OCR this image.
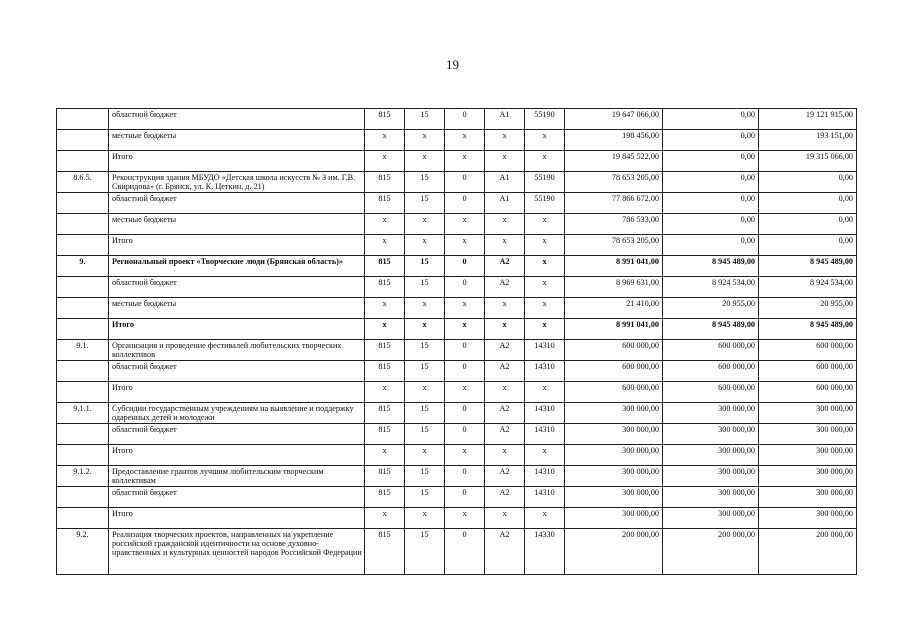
19
	областной бюджет	815	15	0	А1	55190	19 647 066,00	0,00	19 121 915,00
	местные бюджеты	х	х	х	х	х	198 456,00	0,00	193 151,00
	Итого	х	х	х	х	х	19 845 522,00	0,00	19 315 066,00
8.6.5.	Реконструкция здания МБУДО «Детская школа искусств № 3 им. Г.В. Свиридова» (г. Брянск, ул. К. Цеткин, д. 21)	815	15	0	А1	55190	78 653 205,00	0,00	0,00
	областной бюджет	815	15	0	А1	55190	77 866 672,00	0,00	0,00
	местные бюджеты	х	х	х	х	х	786 533,00	0,00	0,00
	Итого	х	х	х	х	х	78 653 205,00	0,00	0,00
9.	Региональный проект «Творческие люди (Брянская область)»	815	15	0	А2	х	8 991 041,00	8 945 489,00	8 945 489,00
	областной бюджет	815	15	0	А2	х	8 969 631,00	8 924 534,00	8 924 534,00
	местные бюджеты	х	х	х	х	х	21 410,00	20 955,00	20 955,00
	Итого	х	х	х	х	х	8 991 041,00	8 945 489,00	8 945 489,00
9.1.	Организация и проведение фестивалей любительских творческих коллективов	815	15	0	А2	14310	600 000,00	600 000,00	600 000,00
	областной бюджет	815	15	0	А2	14310	600 000,00	600 000,00	600 000,00
	Итого	х	х	х	х	х	600 000,00	600 000,00	600 000,00
9.1.1.	Субсидии государственным учреждениям на выявление и поддержку одаренных детей и молодежи	815	15	0	А2	14310	300 000,00	300 000,00	300 000,00
	областной бюджет	815	15	0	А2	14310	300 000,00	300 000,00	300 000,00
	Итого	х	х	х	х	х	300 000,00	300 000,00	300 000,00
9.1.2.	Предоставление грантов лучшим любительским творческим коллективам	815	15	0	А2	14310	300 000,00	300 000,00	300 000,00
	областной бюджет	815	15	0	А2	14310	300 000,00	300 000,00	300 000,00
	Итого	х	х	х	х	х	300 000,00	300 000,00	300 000,00
9.2.	Реализация творческих проектов, направленных на укрепление российской гражданской идентичности на основе духовно-нравственных и культурных ценностей народов Российской Федерации	815	15	0	А2	14330	200 000,00	200 000,00	200 000,00
